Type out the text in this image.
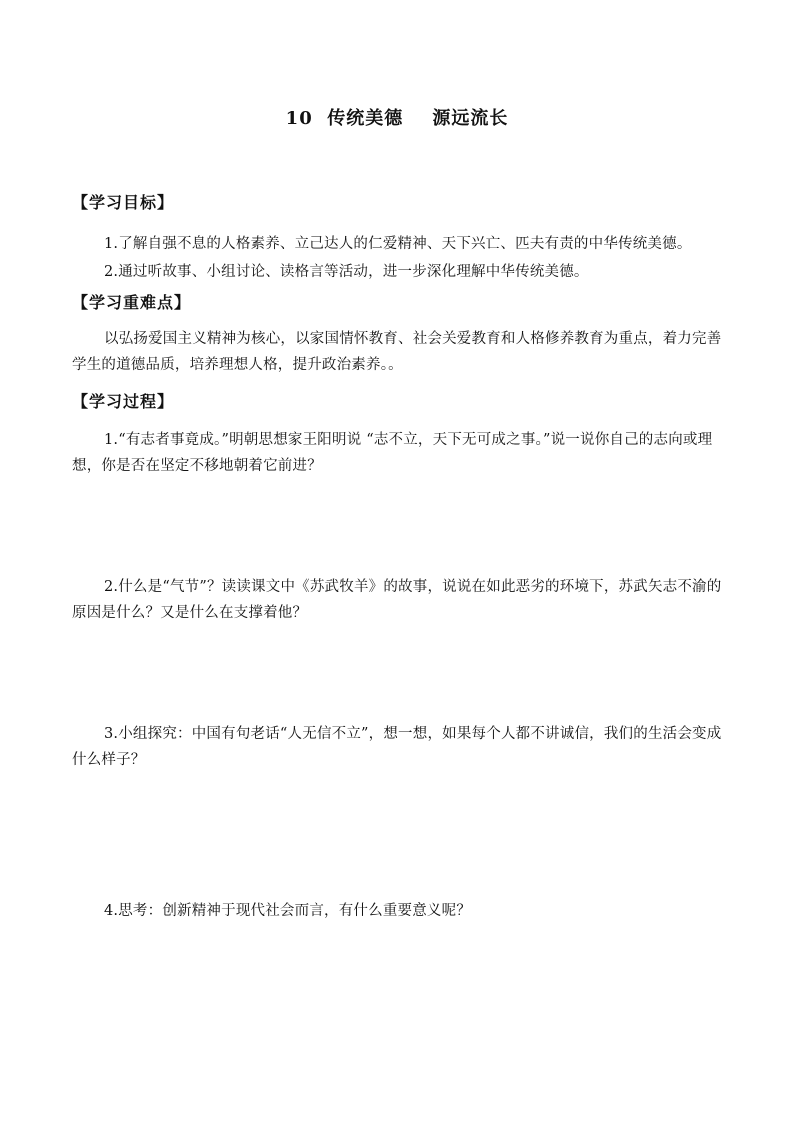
10  传统美德    源远流长
【学习目标】
1.了解自强不息的人格素养、立己达人的仁爱精神、天下兴亡、匹夫有责的中华传统美德。
2.通过听故事、小组讨论、读格言等活动，进一步深化理解中华传统美德。
【学习重难点】
以弘扬爱国主义精神为核心，以家国情怀教育、社会关爱教育和人格修养教育为重点，着力完善学生的道德品质，培养理想人格，提升政治素养。。
【学习过程】
1.“有志者事竟成。”明朝思想家王阳明说 “志不立，天下无可成之事。”说一说你自己的志向或理想，你是否在坚定不移地朝着它前进？
2.什么是“气节”？读读课文中《苏武牧羊》的故事，说说在如此恶劣的环境下，苏武矢志不渝的原因是什么？又是什么在支撑着他？
3.小组探究：中国有句老话“人无信不立”，想一想，如果每个人都不讲诚信，我们的生活会变成什么样子？
4.思考：创新精神于现代社会而言，有什么重要意义呢？
